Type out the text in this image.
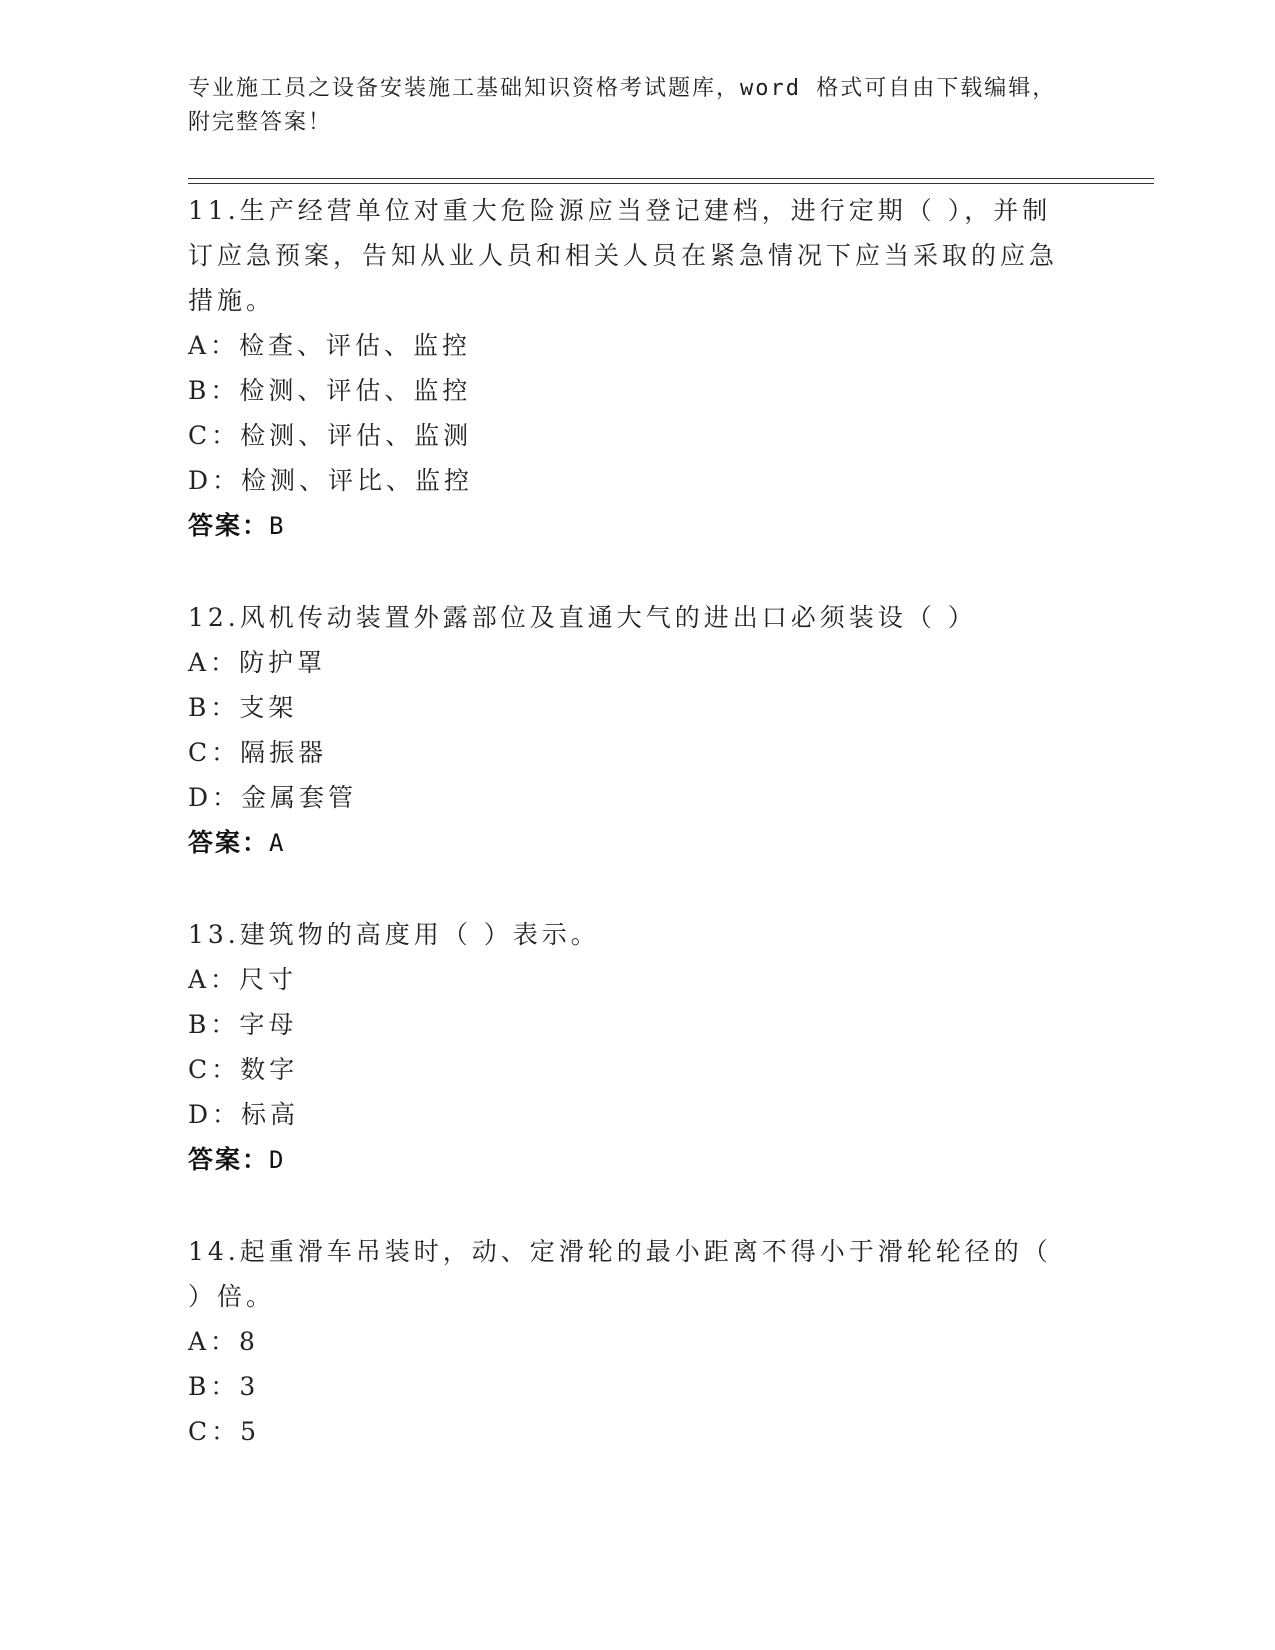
专业施工员之设备安装施工基础知识资格考试题库，word 格式可自由下载编辑，
附完整答案！

11.生产经营单位对重大危险源应当登记建档，进行定期（ ），并制订应急预案，告知从业人员和相关人员在紧急情况下应当采取的应急措施。

A：检查、评估、监控

B：检测、评估、监控

C：检测、评估、监测

D：检测、评比、监控

答案：B

12.风机传动装置外露部位及直通大气的进出口必须装设（ ）

A：防护罩

B：支架

C：隔振器

D：金属套管

答案：A

13.建筑物的高度用（ ）表示。

A：尺寸

B：字母

C：数字

D：标高

答案：D

14.起重滑车吊装时，动、定滑轮的最小距离不得小于滑轮轮径的（ ）倍。

A：8

B：3

C：5
